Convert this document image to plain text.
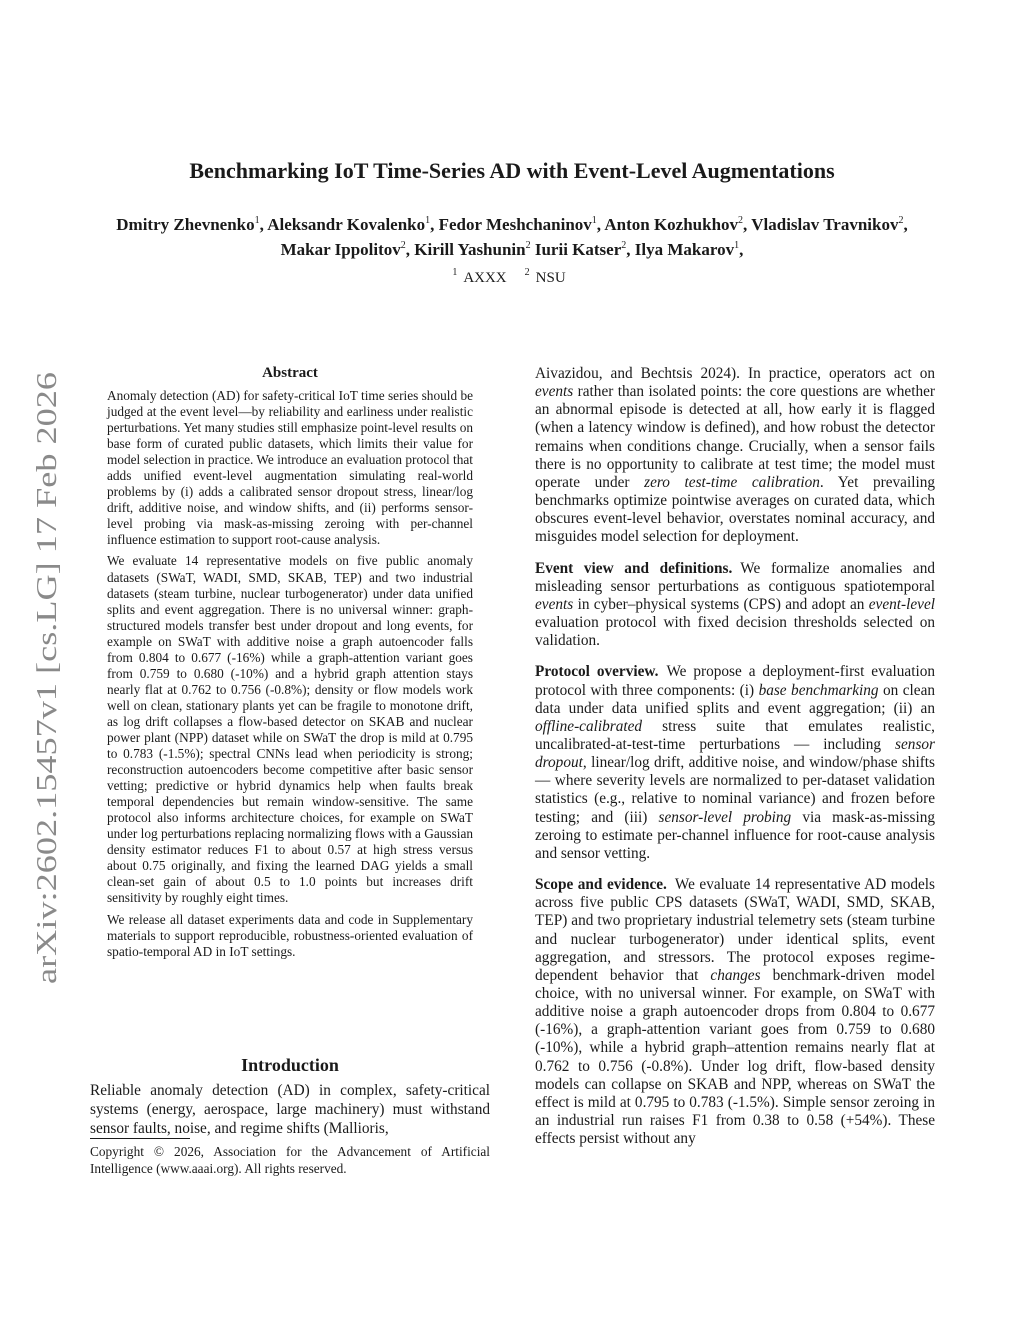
arXiv:2602.15457v1 [cs.LG] 17 Feb 2026
Benchmarking IoT Time-Series AD with Event-Level Augmentations
Dmitry Zhevnenko$^1$, Aleksandr Kovalenko$^1$, Fedor Meshchaninov$^1$, Anton Kozhukhov$^2$, Vladislav Travnikov$^2$, Makar Ippolitov$^2$, Kirill Yashunin$^2$ Iurii Katser$^2$, Ilya Makarov$^1$,
$^1$ AXXX $^2$ NSU
Abstract

Anomaly detection (AD) for safety-critical IoT time series should be judged at the event level—by reliability and earliness under realistic perturbations. Yet many studies still emphasize point-level results on base form of curated public datasets, which limits their value for model selection in practice. We introduce an evaluation protocol that adds unified event-level augmentation simulating real-world problems by (i) adds a calibrated sensor dropout stress, linear/log drift, additive noise, and window shifts, and (ii) performs sensor-level probing via mask-as-missing zeroing with per-channel influence estimation to support root-cause analysis.

We evaluate 14 representative models on five public anomaly datasets (SWaT, WADI, SMD, SKAB, TEP) and two industrial datasets (steam turbine, nuclear turbogenerator) under data unified splits and event aggregation. There is no universal winner: graph-structured models transfer best under dropout and long events, for example on SWaT with additive noise a graph autoencoder falls from 0.804 to 0.677 (-16%) while a graph-attention variant goes from 0.759 to 0.680 (-10%) and a hybrid graph attention stays nearly flat at 0.762 to 0.756 (-0.8%); density or flow models work well on clean, stationary plants yet can be fragile to monotone drift, as log drift collapses a flow-based detector on SKAB and nuclear power plant (NPP) dataset while on SWaT the drop is mild at 0.795 to 0.783 (-1.5%); spectral CNNs lead when periodicity is strong; reconstruction autoencoders become competitive after basic sensor vetting; predictive or hybrid dynamics help when faults break temporal dependencies but remain window-sensitive. The same protocol also informs architecture choices, for example on SWaT under log perturbations replacing normalizing flows with a Gaussian density estimator reduces F1 to about 0.57 at high stress versus about 0.75 originally, and fixing the learned DAG yields a small clean-set gain of about 0.5 to 1.0 points but increases drift sensitivity by roughly eight times.

We release all dataset experiments data and code in Supplementary materials to support reproducible, robustness-oriented evaluation of spatio-temporal AD in IoT settings.

Introduction

Reliable anomaly detection (AD) in complex, safety-critical systems (energy, aerospace, large machinery) must withstand sensor faults, noise, and regime shifts (Mallioris,

Copyright © 2026, Association for the Advancement of Artificial Intelligence (www.aaai.org). All rights reserved.

Aivazidou, and Bechtsis 2024). In practice, operators act on events rather than isolated points: the core questions are whether an abnormal episode is detected at all, how early it is flagged (when a latency window is defined), and how robust the detector remains when conditions change. Crucially, when a sensor fails there is no opportunity to calibrate at test time; the model must operate under zero test-time calibration. Yet prevailing benchmarks optimize pointwise averages on curated data, which obscures event-level behavior, overstates nominal accuracy, and misguides model selection for deployment.

Event view and definitions. We formalize anomalies and misleading sensor perturbations as contiguous spatiotemporal events in cyber–physical systems (CPS) and adopt an event-level evaluation protocol with fixed decision thresholds selected on validation.

Protocol overview. We propose a deployment-first evaluation protocol with three components: (i) base benchmarking on clean data under data unified splits and event aggregation; (ii) an offline-calibrated stress suite that emulates realistic, uncalibrated-at-test-time perturbations — including sensor dropout, linear/log drift, additive noise, and window/phase shifts — where severity levels are normalized to per-dataset validation statistics (e.g., relative to nominal variance) and frozen before testing; and (iii) sensor-level probing via mask-as-missing zeroing to estimate per-channel influence for root-cause analysis and sensor vetting.

Scope and evidence. We evaluate 14 representative AD models across five public CPS datasets (SWaT, WADI, SMD, SKAB, TEP) and two proprietary industrial telemetry sets (steam turbine and nuclear turbogenerator) under identical splits, event aggregation, and stressors. The protocol exposes regime-dependent behavior that changes benchmark-driven model choice, with no universal winner. For example, on SWaT with additive noise a graph autoencoder drops from 0.804 to 0.677 (-16%), a graph-attention variant goes from 0.759 to 0.680 (-10%), while a hybrid graph–attention remains nearly flat at 0.762 to 0.756 (-0.8%). Under log drift, flow-based density models can collapse on SKAB and NPP, whereas on SWaT the effect is mild at 0.795 to 0.783 (-1.5%). Simple sensor zeroing in an industrial run raises F1 from 0.38 to 0.58 (+54%). These effects persist without any
